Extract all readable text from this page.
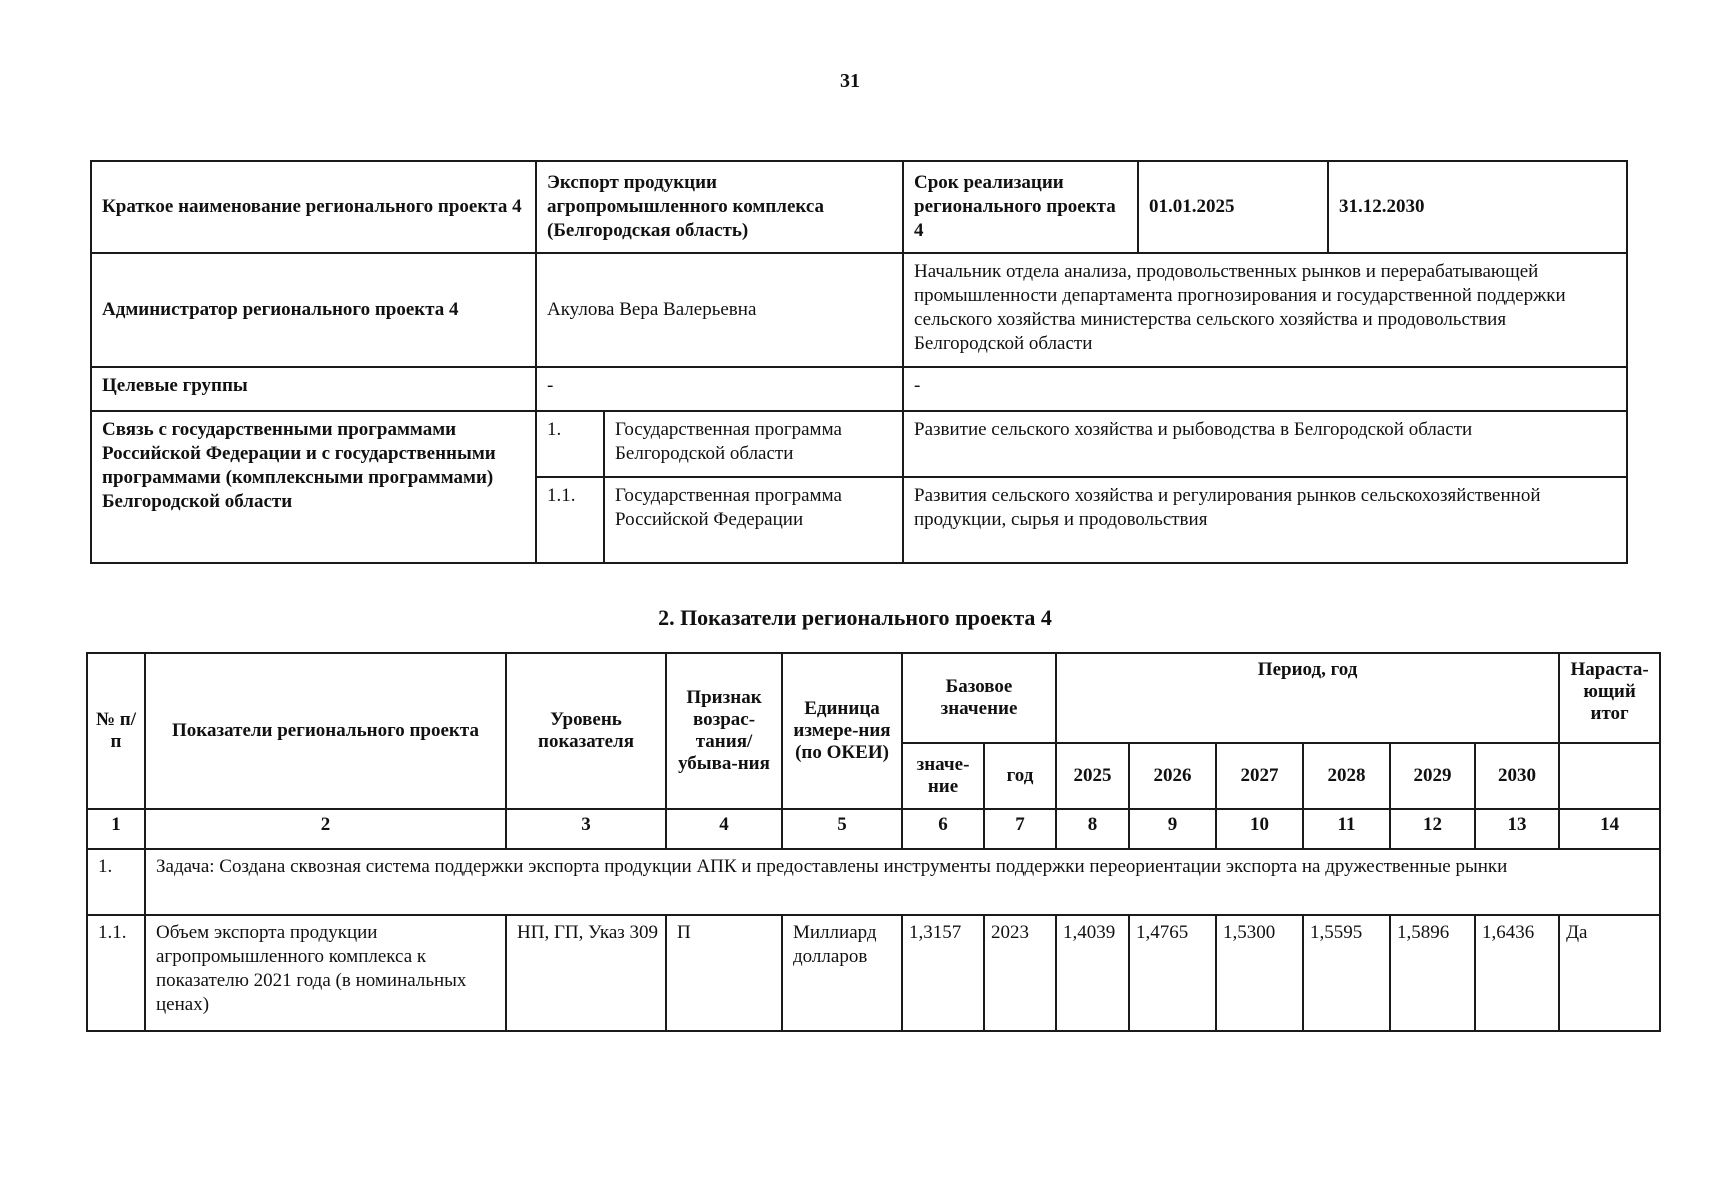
31
Краткое наименование регионального проекта 4	Экспорт продукции агропромышленного комплекса (Белгородская область)		Срок реализации регионального проекта 4	01.01.2025	31.12.2030
Администратор регионального проекта 4	Акулова Вера Валерьевна		Начальник отдела анализа, продовольственных рынков и перерабатывающей промышленности департамента прогнозирования и государственной поддержки сельского хозяйства министерства сельского хозяйства и продовольствия Белгородской области		
Целевые группы	-		-		
Связь с государственными программами Российской Федерации и с государственными программами (комплексными программами) Белгородской области	1.	Государственная программа Белгородской области	Развитие сельского хозяйства и рыбоводства в Белгородской области		
	1.1.	Государственная программа Российской Федерации	Развития сельского хозяйства и регулирования рынков сельскохозяйственной продукции, сырья и продовольствия		
2. Показатели регионального проекта 4
№ п/п	Показатели регионального проекта	Уровень показателя	Признак возрас-тания/ убыва-ния	Единица измере-ния (по ОКЕИ)	Базовое значение		Период, год						Нараста-ющий итог
					значе-ние	год	2025	2026	2027	2028	2029	2030	
1	2	3	4	5	6	7	8	9	10	11	12	13	14
1.	Задача: Создана сквозная система поддержки экспорта продукции АПК и предоставлены инструменты поддержки переориентации экспорта на дружественные рынки												
1.1.	Объем экспорта продукции агропромышленного комплекса к показателю 2021 года (в номинальных ценах)	НП, ГП, Указ 309	П	Миллиард долларов	1,3157	2023	1,4039	1,4765	1,5300	1,5595	1,5896	1,6436	Да
